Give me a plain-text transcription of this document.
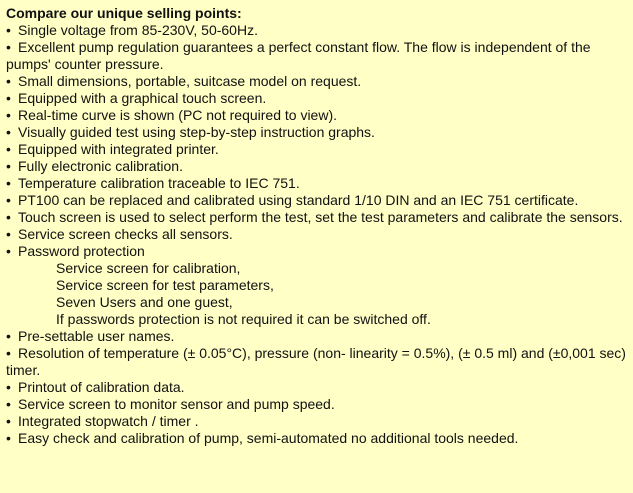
Compare our unique selling points:

• Single voltage from 85-230V, 50-60Hz.
• Excellent pump regulation guarantees a perfect constant flow. The flow is independent of the pumps' counter pressure.
• Small dimensions, portable, suitcase model on request.
• Equipped with a graphical touch screen.
• Real-time curve is shown (PC not required to view).
• Visually guided test using step-by-step instruction graphs.
• Equipped with integrated printer.
• Fully electronic calibration.
• Temperature calibration traceable to IEC 751.
• PT100 can be replaced and calibrated using standard 1/10 DIN and an IEC 751 certificate.
• Touch screen is used to select perform the test, set the test parameters and calibrate the sensors.
• Service screen checks all sensors.
• Password protection

Service screen for calibration,

Service screen for test parameters,

Seven Users and one guest,

If passwords protection is not required it can be switched off.

• Pre-settable user names.
• Resolution of temperature (± 0.05°C), pressure (non- linearity = 0.5%), (± 0.5 ml) and (±0,001 sec) timer.
• Printout of calibration data.
• Service screen to monitor sensor and pump speed.
• Integrated stopwatch / timer .
• Easy check and calibration of pump, semi-automated no additional tools needed.
